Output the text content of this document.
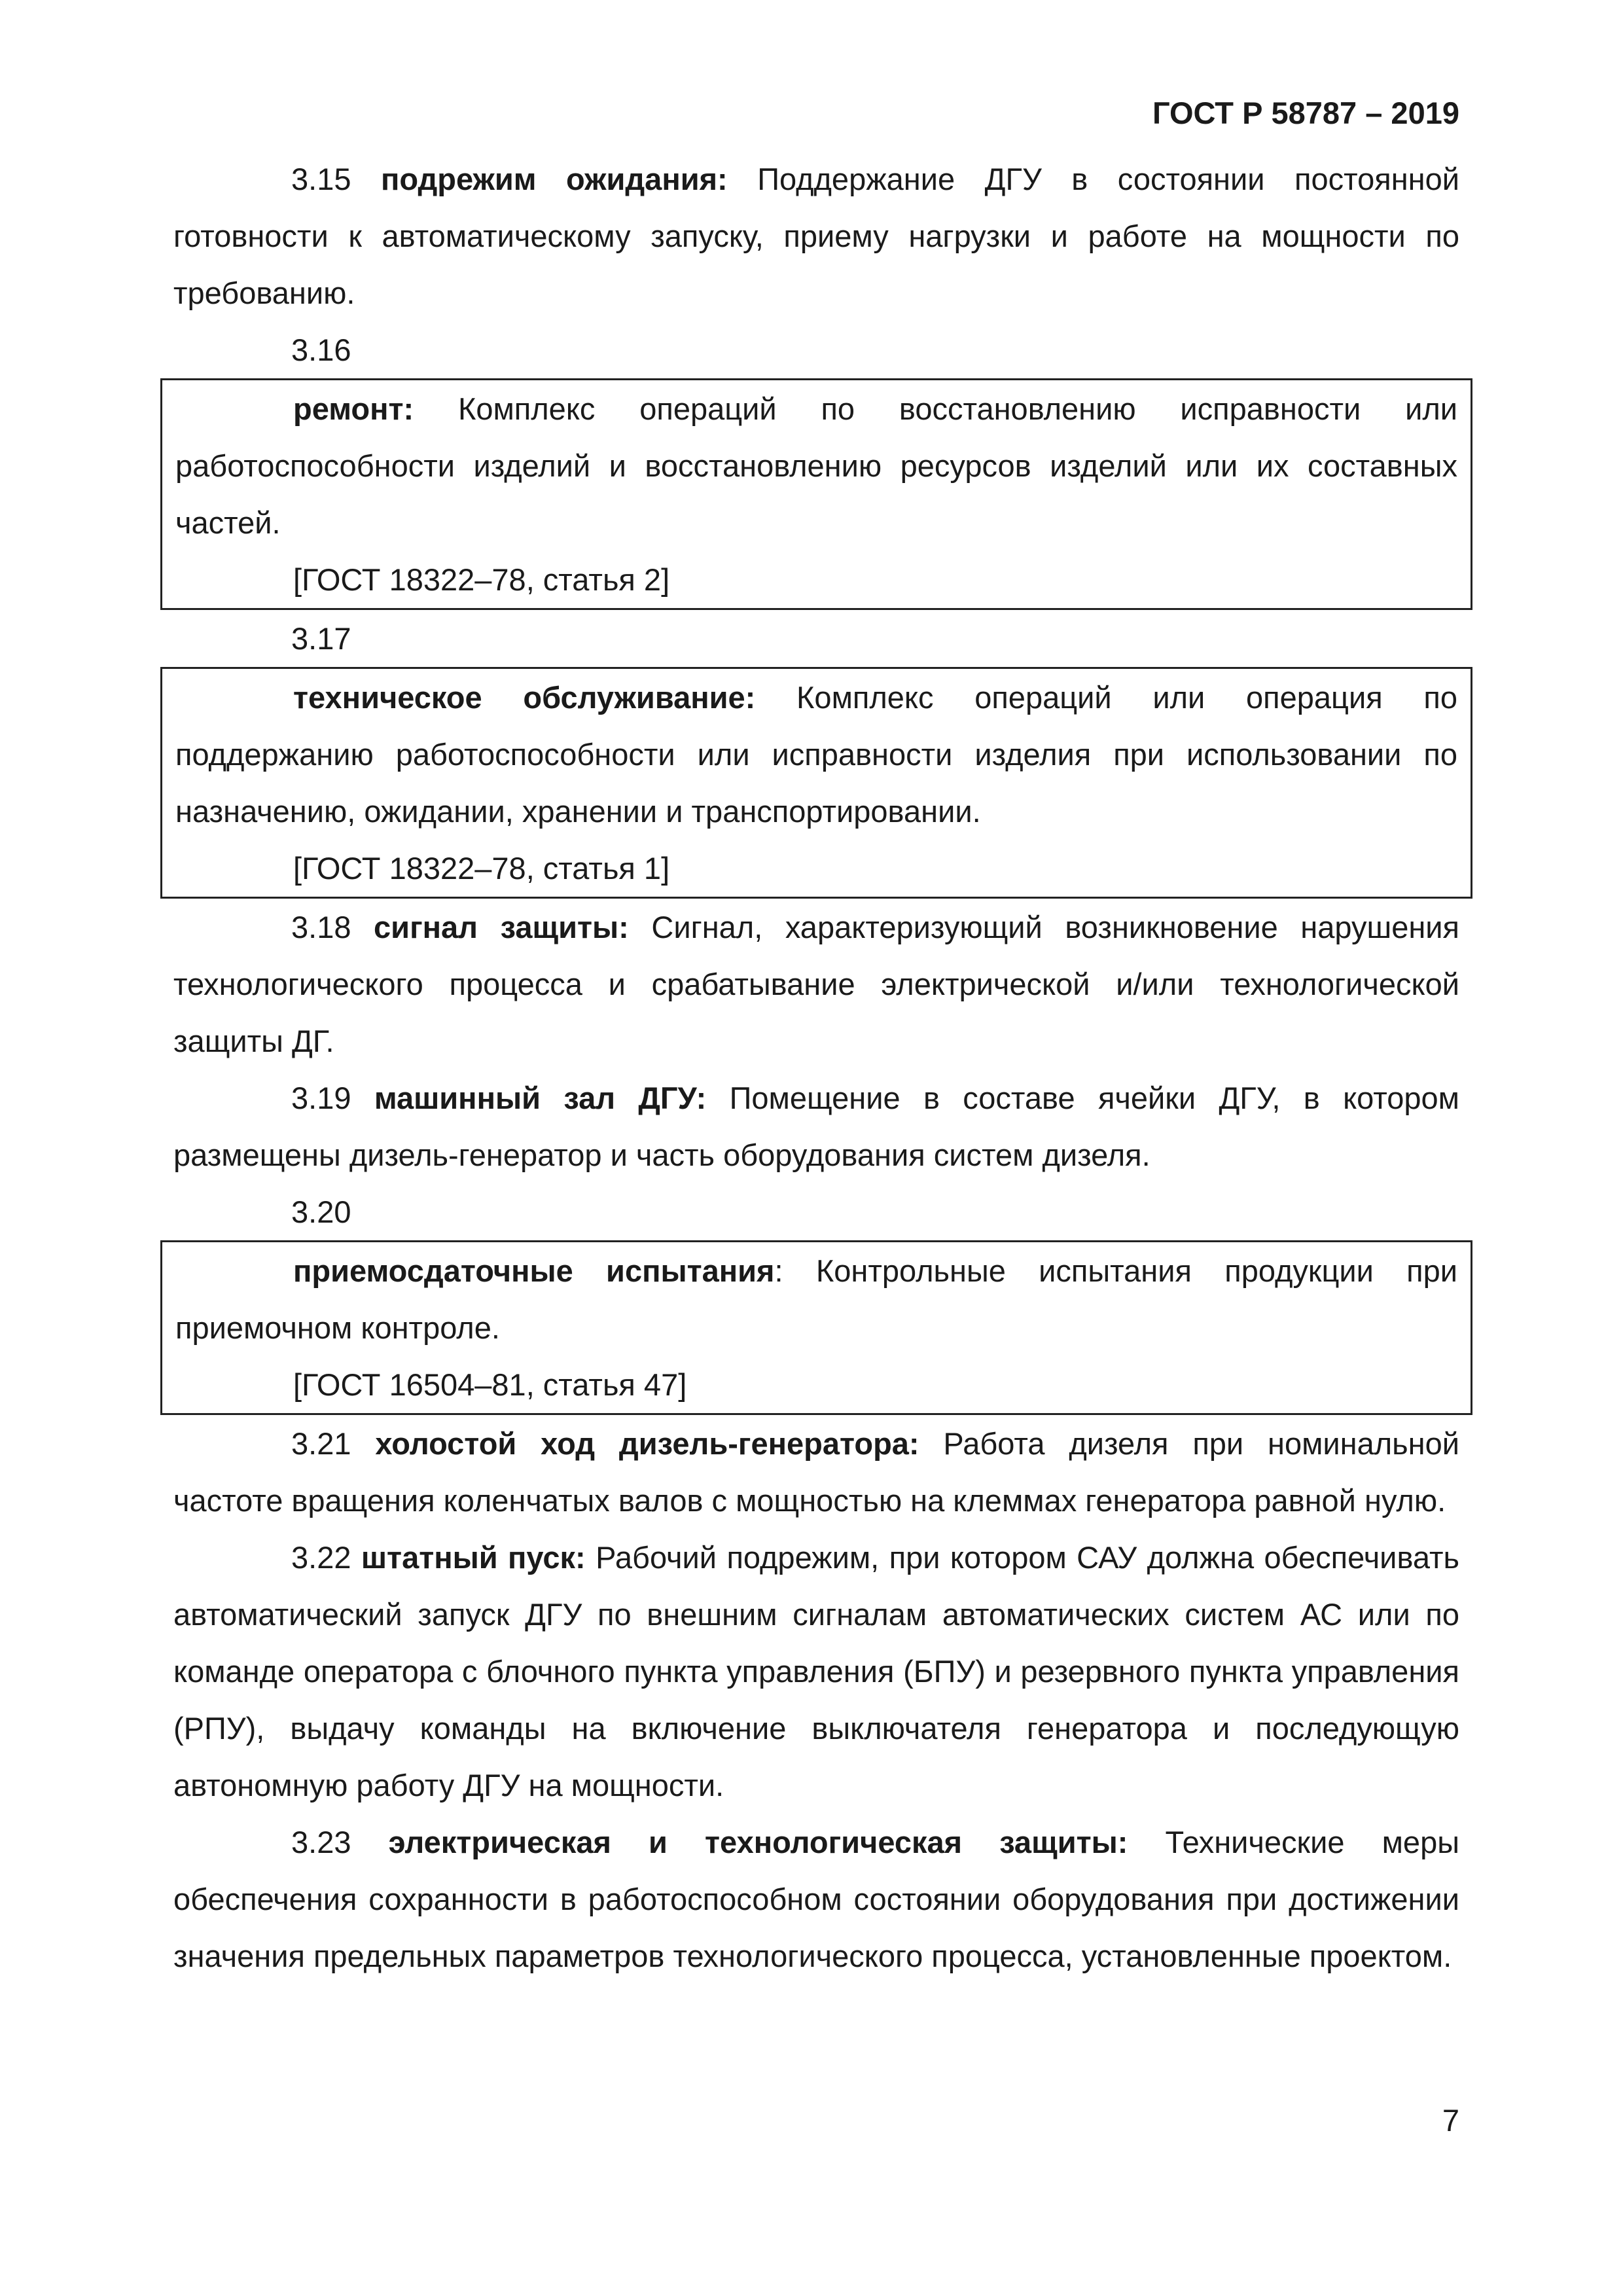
ГОСТ Р 58787 – 2019

3.15 подрежим ожидания: Поддержание ДГУ в состоянии постоянной готовности к автоматическому запуску, приему нагрузки и работе на мощности по требованию.

3.16

ремонт: Комплекс операций по восстановлению исправности или работоспособности изделий и восстановлению ресурсов изделий или их составных частей.

[ГОСТ 18322–78, статья 2]

3.17

техническое обслуживание: Комплекс операций или операция по поддержанию работоспособности или исправности изделия при использовании по назначению, ожидании, хранении и транспортировании.

[ГОСТ 18322–78, статья 1]

3.18 сигнал защиты: Сигнал, характеризующий возникновение нарушения технологического процесса и срабатывание электрической и/или технологической защиты ДГ.

3.19 машинный зал ДГУ: Помещение в составе ячейки ДГУ, в котором размещены дизель-генератор и часть оборудования систем дизеля.

3.20

приемосдаточные испытания: Контрольные испытания продукции при приемочном контроле.

[ГОСТ 16504–81, статья 47]

3.21 холостой ход дизель-генератора: Работа дизеля при номинальной частоте вращения коленчатых валов с мощностью на клеммах генератора равной нулю.

3.22 штатный пуск: Рабочий подрежим, при котором САУ должна обеспечивать автоматический запуск ДГУ по внешним сигналам автоматических систем АС или по команде оператора с блочного пункта управления (БПУ) и резервного пункта управления (РПУ), выдачу команды на включение выключателя генератора и последующую автономную работу ДГУ на мощности.

3.23 электрическая и технологическая защиты: Технические меры обеспечения сохранности в работоспособном состоянии оборудования при достижении значения предельных параметров технологического процесса, установленные проектом.

7
